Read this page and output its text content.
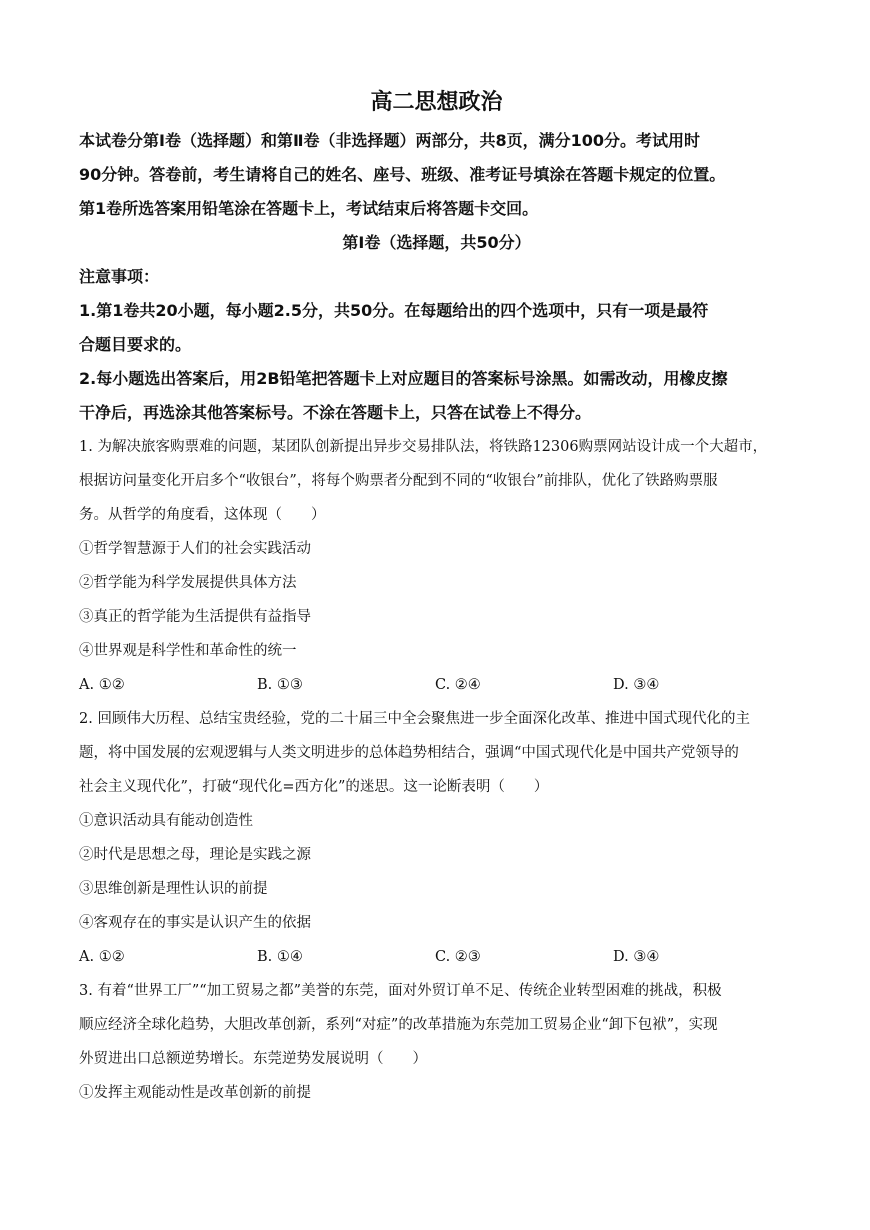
高二思想政治
本试卷分第Ⅰ卷（选择题）和第Ⅱ卷（非选择题）两部分，共8页，满分100分。考试用时
90分钟。答卷前，考生请将自己的姓名、座号、班级、准考证号填涂在答题卡规定的位置。
第1卷所选答案用铅笔涂在答题卡上，考试结束后将答题卡交回。
第Ⅰ卷（选择题，共50分）
注意事项：
1.第1卷共20小题，每小题2.5分，共50分。在每题给出的四个选项中，只有一项是最符
合题目要求的。
2.每小题选出答案后，用2B铅笔把答题卡上对应题目的答案标号涂黑。如需改动，用橡皮擦
干净后，再选涂其他答案标号。不涂在答题卡上，只答在试卷上不得分。
1. 为解决旅客购票难的问题，某团队创新提出异步交易排队法，将铁路12306购票网站设计成一个大超市，
根据访问量变化开启多个“收银台”，将每个购票者分配到不同的“收银台”前排队，优化了铁路购票服
务。从哲学的角度看，这体现（　　）
①哲学智慧源于人们的社会实践活动
②哲学能为科学发展提供具体方法
③真正的哲学能为生活提供有益指导
④世界观是科学性和革命性的统一
A. ①②	B. ①③	C. ②④	D. ③④
2. 回顾伟大历程、总结宝贵经验，党的二十届三中全会聚焦进一步全面深化改革、推进中国式现代化的主
题，将中国发展的宏观逻辑与人类文明进步的总体趋势相结合，强调“中国式现代化是中国共产党领导的
社会主义现代化”，打破“现代化=西方化”的迷思。这一论断表明（　　）
①意识活动具有能动创造性
②时代是思想之母，理论是实践之源
③思维创新是理性认识的前提
④客观存在的事实是认识产生的依据
A. ①②	B. ①④	C. ②③	D. ③④
3. 有着“世界工厂”“加工贸易之都”美誉的东莞，面对外贸订单不足、传统企业转型困难的挑战，积极
顺应经济全球化趋势，大胆改革创新，系列“对症”的改革措施为东莞加工贸易企业“卸下包袱”，实现
外贸进出口总额逆势增长。东莞逆势发展说明（　　）
①发挥主观能动性是改革创新的前提
